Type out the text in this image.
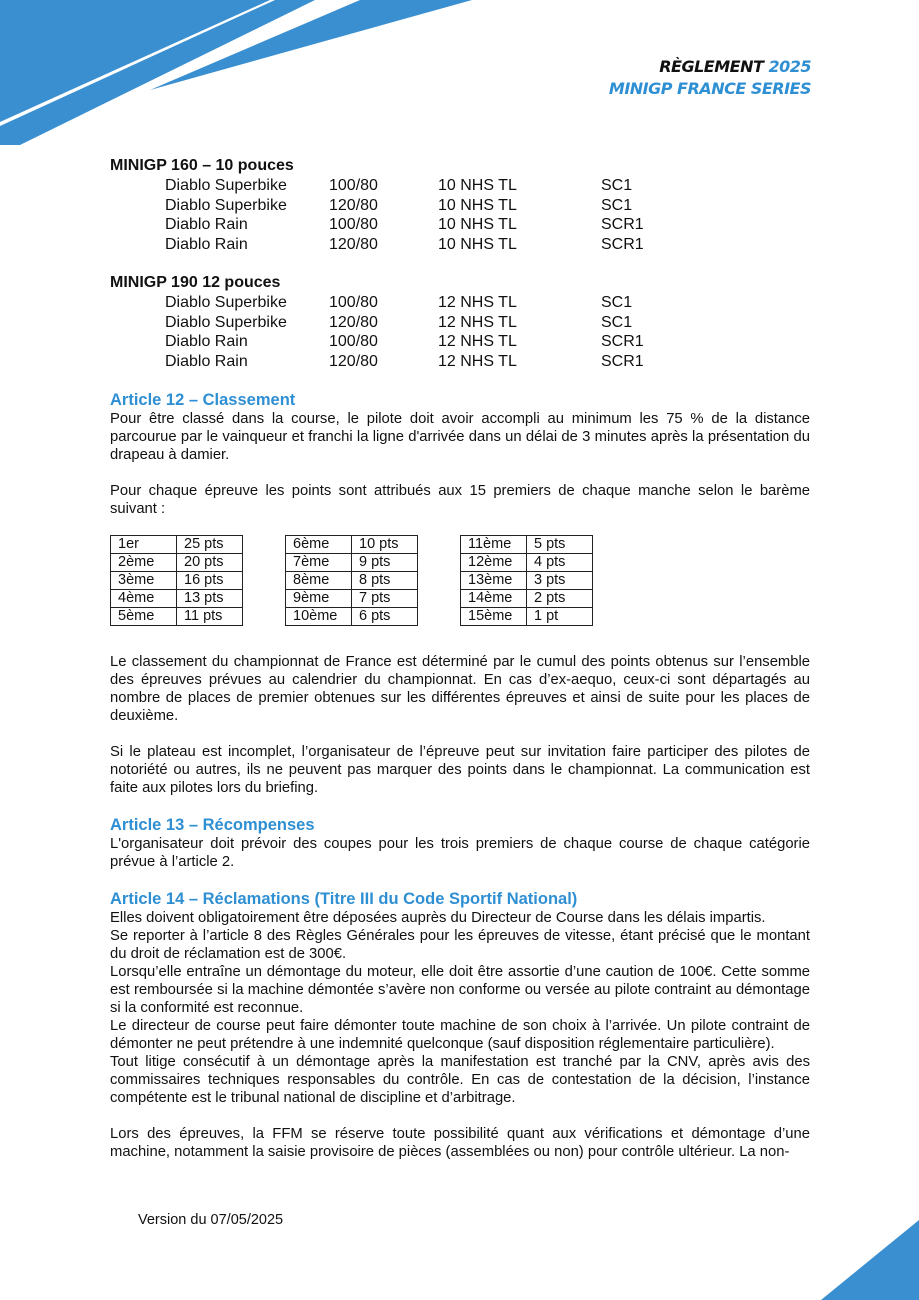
RÈGLEMENT 2025
MINIGP FRANCE SERIES
MINIGP 160 – 10 pouces
Diablo Superbike	100/80	10 NHS TL	SC1
Diablo Superbike	120/80	10 NHS TL	SC1
Diablo Rain	100/80	10 NHS TL	SCR1
Diablo Rain	120/80	10 NHS TL	SCR1
MINIGP 190 12 pouces
Diablo Superbike	100/80	12 NHS TL	SC1
Diablo Superbike	120/80	12 NHS TL	SC1
Diablo Rain	100/80	12 NHS TL	SCR1
Diablo Rain	120/80	12 NHS TL	SCR1
Article 12 – Classement

Pour être classé dans la course, le pilote doit avoir accompli au minimum les 75 % de la distance parcourue par le vainqueur et franchi la ligne d'arrivée dans un délai de 3 minutes après la présentation du drapeau à damier.

Pour chaque épreuve les points sont attribués aux 15 premiers de chaque manche selon le barème suivant :

1er	25 pts
2ème	20 pts
3ème	16 pts
4ème	13 pts
5ème	11 pts
6ème	10 pts
7ème	9 pts
8ème	8 pts
9ème	7 pts
10ème	6 pts
11ème	5 pts
12ème	4 pts
13ème	3 pts
14ème	2 pts
15ème	1 pt

Le classement du championnat de France est déterminé par le cumul des points obtenus sur l’ensemble des épreuves prévues au calendrier du championnat. En cas d’ex-aequo, ceux-ci sont départagés au nombre de places de premier obtenues sur les différentes épreuves et ainsi de suite pour les places de deuxième.

Si le plateau est incomplet, l’organisateur de l’épreuve peut sur invitation faire participer des pilotes de notoriété ou autres, ils ne peuvent pas marquer des points dans le championnat. La communication est faite aux pilotes lors du briefing.

Article 13 – Récompenses

L'organisateur doit prévoir des coupes pour les trois premiers de chaque course de chaque catégorie prévue à l’article 2.

Article 14 – Réclamations (Titre III du Code Sportif National)

Elles doivent obligatoirement être déposées auprès du Directeur de Course dans les délais impartis.

Se reporter à l’article 8 des Règles Générales pour les épreuves de vitesse, étant précisé que le montant du droit de réclamation est de 300€.

Lorsqu’elle entraîne un démontage du moteur, elle doit être assortie d’une caution de 100€. Cette somme est remboursée si la machine démontée s’avère non conforme ou versée au pilote contraint au démontage si la conformité est reconnue.

Le directeur de course peut faire démonter toute machine de son choix à l’arrivée. Un pilote contraint de démonter ne peut prétendre à une indemnité quelconque (sauf disposition réglementaire particulière).

Tout litige consécutif à un démontage après la manifestation est tranché par la CNV, après avis des commissaires techniques responsables du contrôle. En cas de contestation de la décision, l’instance compétente est le tribunal national de discipline et d’arbitrage.

Lors des épreuves, la FFM se réserve toute possibilité quant aux vérifications et démontage d’une machine, notamment la saisie provisoire de pièces (assemblées ou non) pour contrôle ultérieur. La non-

Version du 07/05/2025
